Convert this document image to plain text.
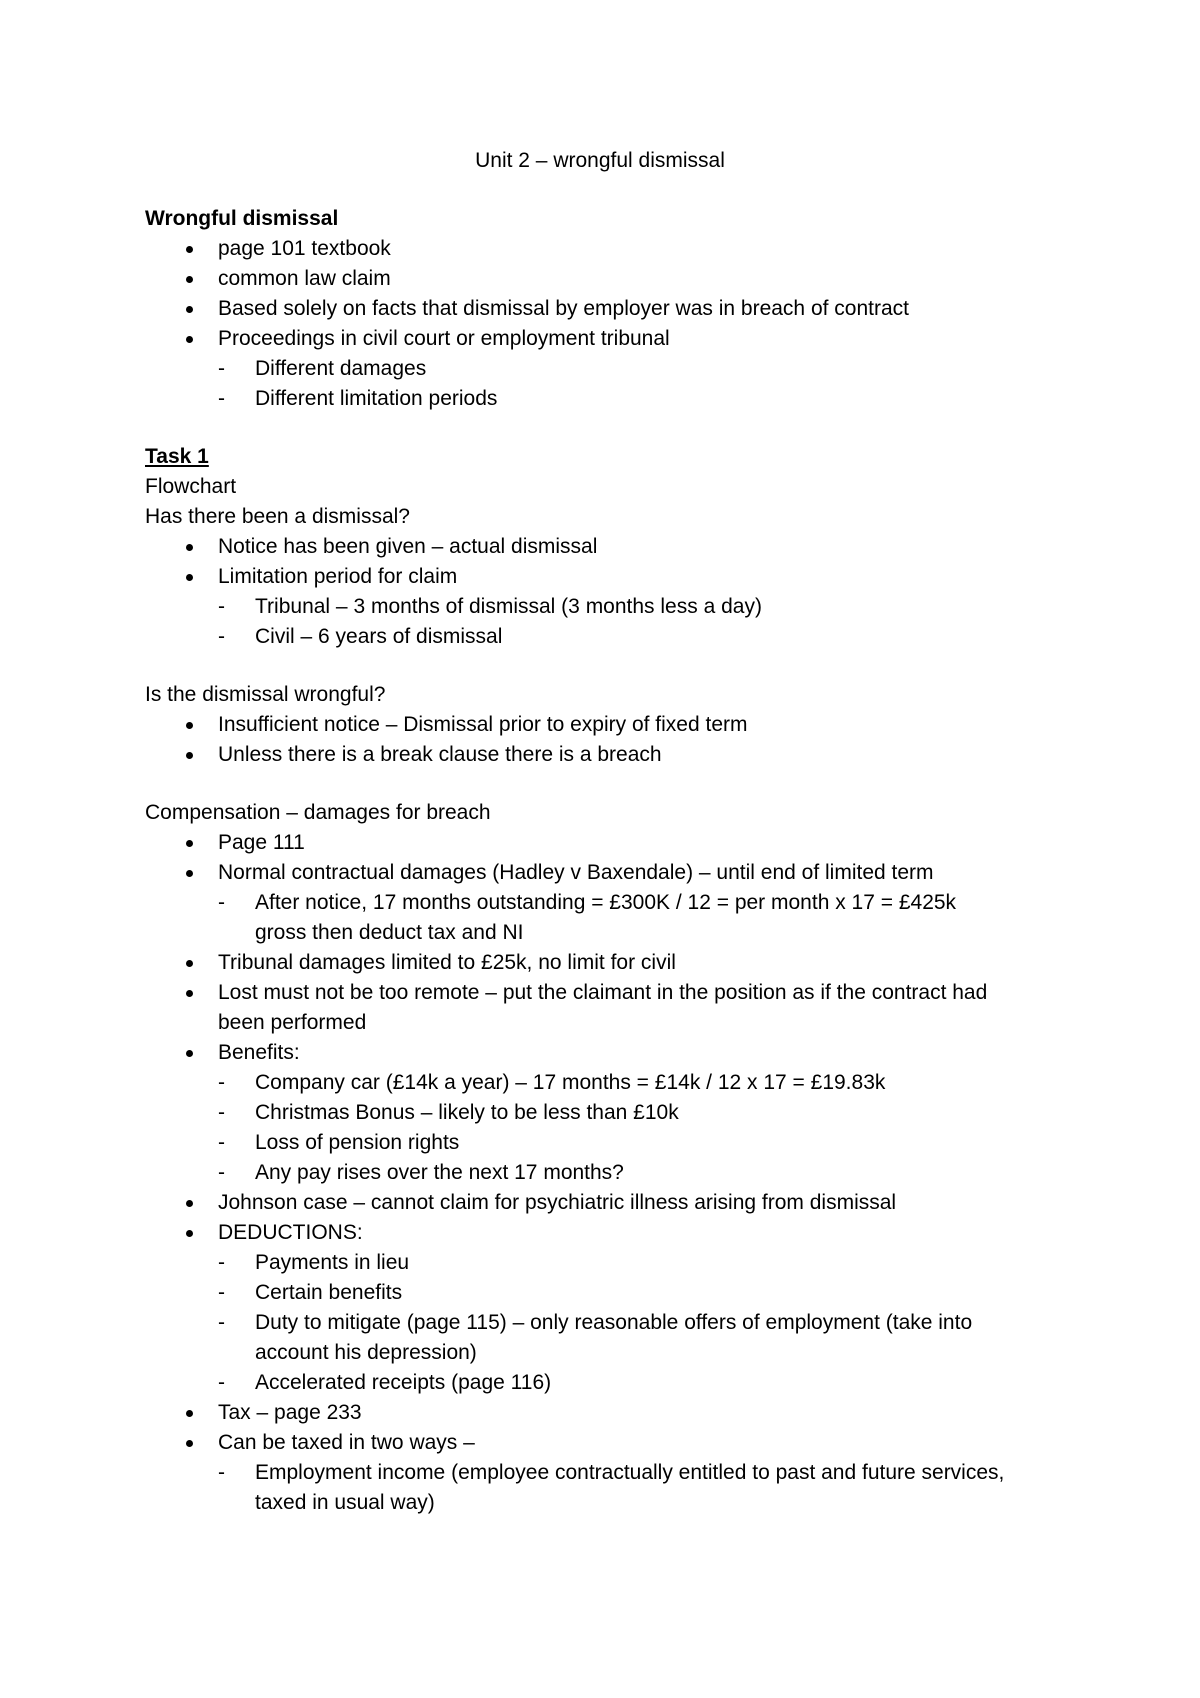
Unit 2 – wrongful dismissal
Wrongful dismissal
page 101 textbook
common law claim
Based solely on facts that dismissal by employer was in breach of contract
Proceedings in civil court or employment tribunal
- Different damages
- Different limitation periods
Task 1
Flowchart
Has there been a dismissal?
Notice has been given – actual dismissal
Limitation period for claim
- Tribunal – 3 months of dismissal (3 months less a day)
- Civil – 6 years of dismissal
Is the dismissal wrongful?
Insufficient notice – Dismissal prior to expiry of fixed term
Unless there is a break clause there is a breach
Compensation – damages for breach
Page 111
Normal contractual damages (Hadley v Baxendale) – until end of limited term
- After notice, 17 months outstanding = £300K / 12 = per month x 17 = £425k
gross then deduct tax and NI
Tribunal damages limited to £25k, no limit for civil
Lost must not be too remote – put the claimant in the position as if the contract had
been performed
Benefits:
- Company car (£14k a year) – 17 months = £14k / 12 x 17 = £19.83k
- Christmas Bonus – likely to be less than £10k
- Loss of pension rights
- Any pay rises over the next 17 months?
Johnson case – cannot claim for psychiatric illness arising from dismissal
DEDUCTIONS:
- Payments in lieu
- Certain benefits
- Duty to mitigate (page 115) – only reasonable offers of employment (take into
account his depression)
- Accelerated receipts (page 116)
Tax – page 233
Can be taxed in two ways –
- Employment income (employee contractually entitled to past and future services,
taxed in usual way)
